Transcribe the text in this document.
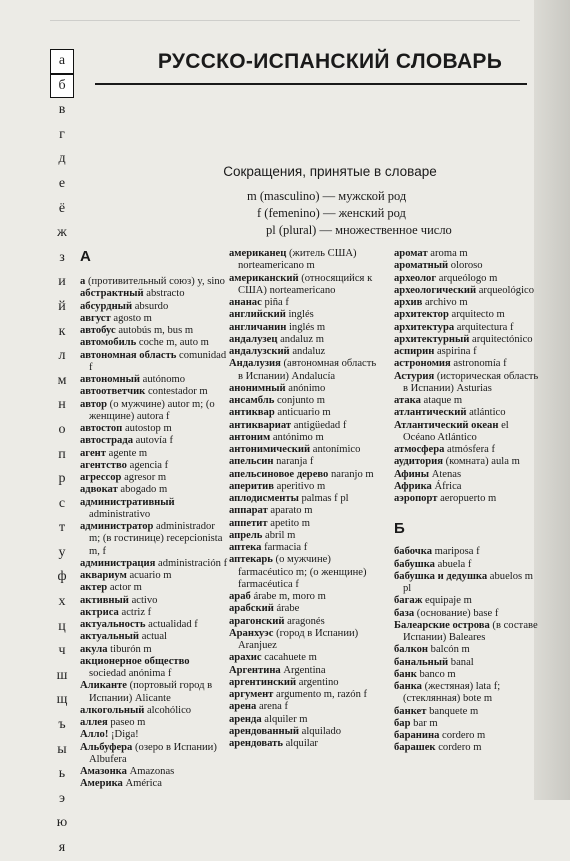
а
б
в
г
д
е
ё
ж
з
и
й
к
л
м
н
о
п
р
с
т
у
ф
х
ц
ч
ш
щ
ъ
ы
ь
э
ю
я
РУССКО-ИСПАНСКИЙ СЛОВАРЬ
Сокращения, принятые в словаре
m (masculino) — мужской род
f (femenino) — женский род
pl (plural) — множественное число
А
а (противительный союз) y, sino
абстрактный abstracto
абсурдный absurdo
август agosto m
автобус autobús m, bus m
автомобиль coche m, auto m
автономная область comunidad f
автономный autónomo
автоответчик contestador m
автор (о мужчине) autor m; (о женщине) autora f
автостоп autostop m
автострада autovía f
агент agente m
агентство agencia f
агрессор agresor m
адвокат abogado m
административный administrativo
администратор administrador m; (в гостинице) recepcionista m, f
администрация administración f
аквариум acuario m
актер actor m
активный activo
актриса actriz f
актуальность actualidad f
актуальный actual
акула tiburón m
акционерное общество sociedad anónima f
Аликанте (портовый город в Испании) Alicante
алкогольный alcohólico
аллея paseo m
Алло! ¡Diga!
Альбуфера (озеро в Испании) Albufera
Амазонка Amazonas
Америка América
американец (житель США) norteamericano m
американский (относящийся к США) norteamericano
ананас piña f
английский inglés
англичанин inglés m
андалузец andaluz m
андалузский andaluz
Андалузия (автономная область в Испании) Andalucía
анонимный anónimo
ансамбль conjunto m
антиквар anticuario m
антиквариат antigüedad f
антоним antónimo m
антонимический antonímico
апельсин naranja f
апельсиновое дерево naranjo m
аперитив aperitivo m
аплодисменты palmas f pl
аппарат aparato m
аппетит apetito m
апрель abril m
аптека farmacia f
аптекарь (о мужчине) farmacéutico m; (о женщине) farmacéutica f
араб árabe m, moro m
арабский árabe
арагонский aragonés
Аранхуэс (город в Испании) Aranjuez
арахис cacahuete m
Аргентина Argentina
аргентинский argentino
аргумент argumento m, razón f
арена arena f
аренда alquiler m
арендованный alquilado
арендовать alquilar
аромат aroma m
ароматный oloroso
археолог arqueólogo m
археологический arqueológico
архив archivo m
архитектор arquitecto m
архитектура arquitectura f
архитектурный arquitectónico
аспирин aspirina f
астрономия astronomía f
Астурия (историческая область в Испании) Asturias
атака ataque m
атлантический atlántico
Атлантический океан el Océano Atlántico
атмосфера atmósfera f
аудитория (комната) aula m
Афины Atenas
Африка África
аэропорт aeropuerto m
Б
бабочка mariposa f
бабушка abuela f
бабушка и дедушка abuelos m pl
багаж equipaje m
база (основание) base f
Балеарские острова (в составе Испании) Baleares
балкон balcón m
банальный banal
банк banco m
банка (жестяная) lata f; (стеклянная) bote m
банкет banquete m
бар bar m
баранина cordero m
барашек cordero m
